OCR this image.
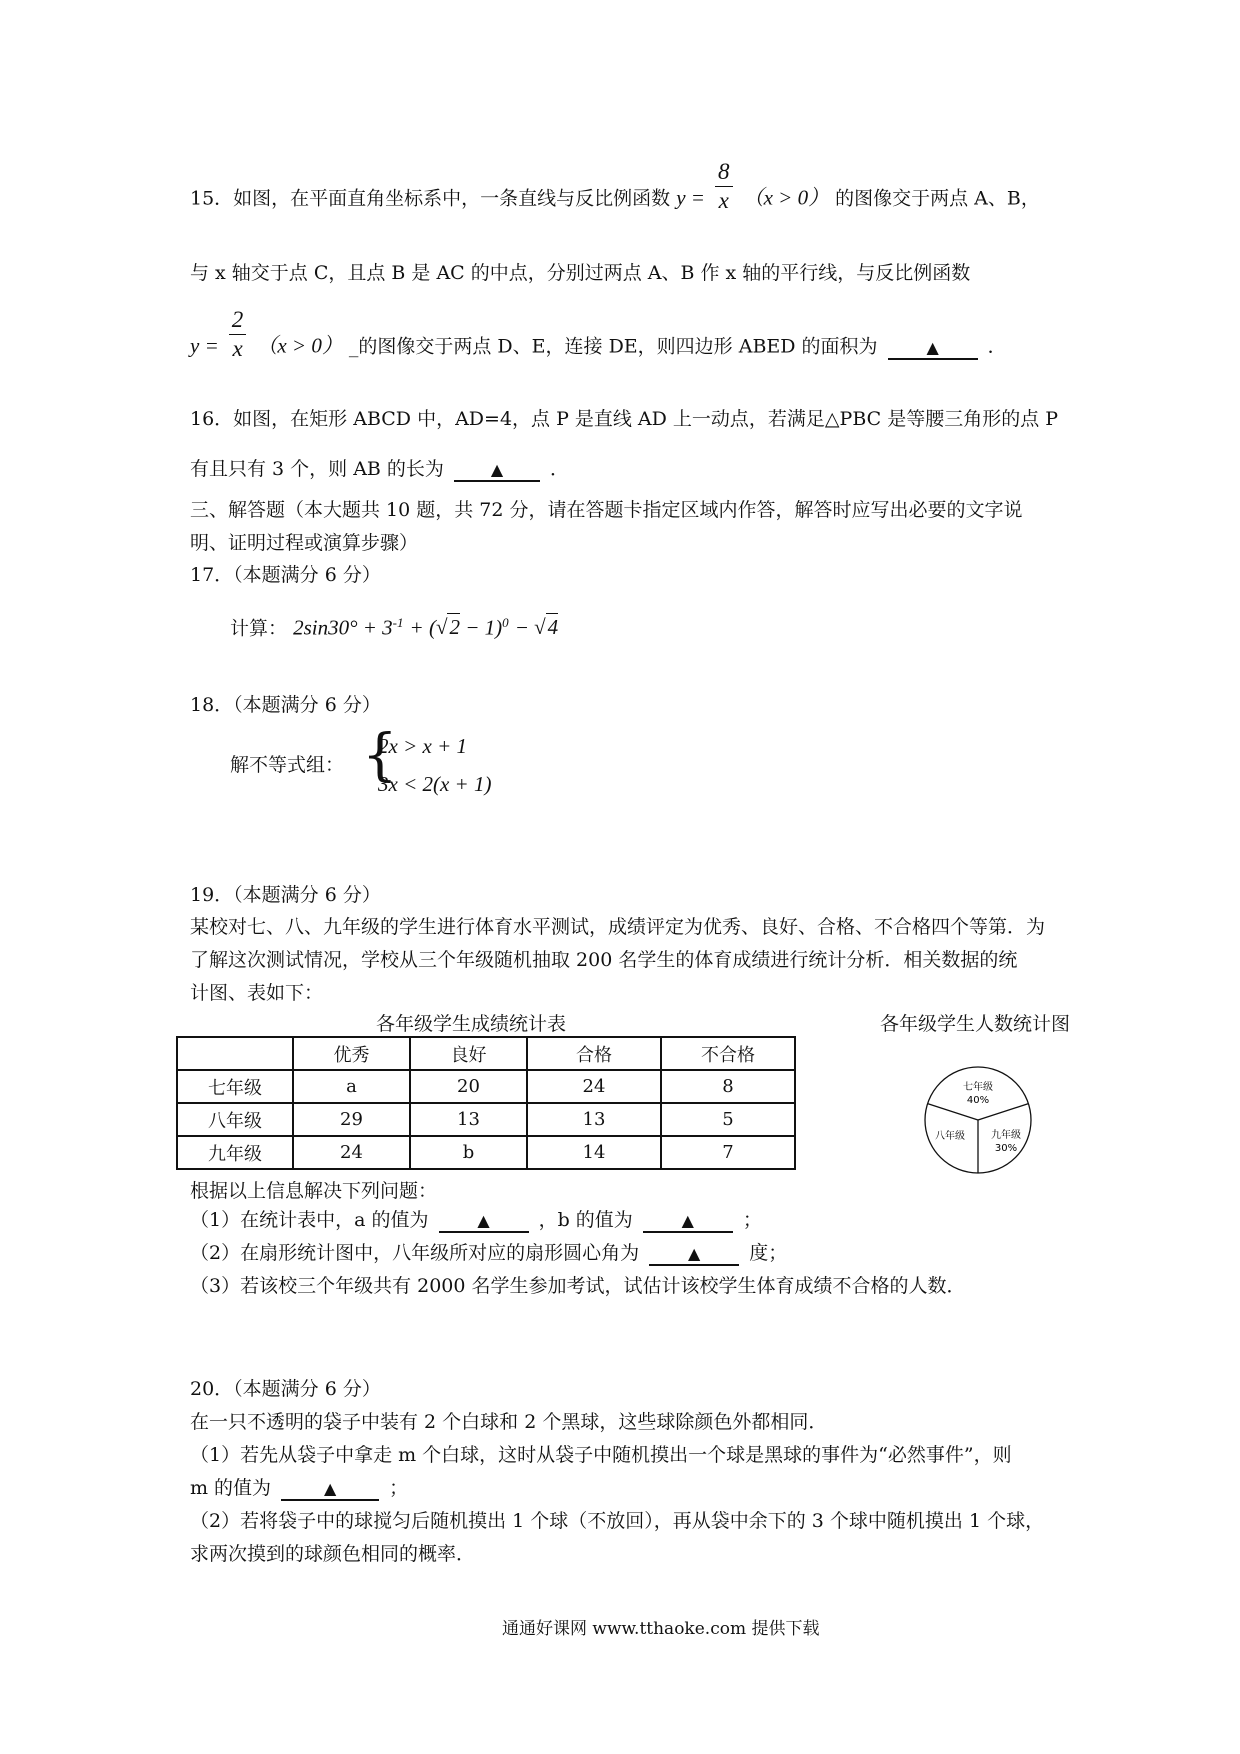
15．如图，在平面直角坐标系中，一条直线与反比例函数 $y = \frac{8}{x} (x > 0)$ 的图像交于两点 A、B，
与 x 轴交于点 C，且点 B 是 AC 的中点，分别过两点 A、B 作 x 轴的平行线，与反比例函数
$y = \frac{2}{x} (x > 0)$ _的图像交于两点 D、E，连接 DE，则四边形 ABED 的面积为	▲	．
16．如图，在矩形 ABCD 中，AD=4，点 P 是直线 AD 上一动点，若满足△PBC 是等腰三角形的点 P
有且只有 3 个，则 AB 的长为	▲ ．
三、解答题（本大题共 10 题，共 72 分，请在答题卡指定区域内作答，解答时应写出必要的文字说
明、证明过程或演算步骤）
17．（本题满分 6 分）
计算： $2\sin 30^\circ + 3^{-1} + (√2 - 1)^0 - √4$
18．（本题满分 6 分）
解不等式组： {
2x > x + 1
3x < 2(x + 1)
19．（本题满分 6 分）
某校对七、八、九年级的学生进行体育水平测试，成绩评定为优秀、良好、合格、不合格四个等第．为
了解这次测试情况，学校从三个年级随机抽取 200 名学生的体育成绩进行统计分析．相关数据的统
计图、表如下：
各年级学生成绩统计表
	优秀	良好	合格	不合格
七年级	a	20	24	8
八年级	29	13	13	5
九年级	24	b	14	7
各年级学生人数统计图
七年级
40%
八年级	九年级
30%
根据以上信息解决下列问题：
（1）在统计表中，a 的值为	▲	，b 的值为	▲	；
（2）在扇形统计图中，八年级所对应的扇形圆心角为	▲	度；
（3）若该校三个年级共有 2000 名学生参加考试，试估计该校学生体育成绩不合格的人数．
20．（本题满分 6 分）
在一只不透明的袋子中装有 2 个白球和 2 个黑球，这些球除颜色外都相同．
（1）若先从袋子中拿走 m 个白球，这时从袋子中随机摸出一个球是黑球的事件为“必然事件”，则
m 的值为	▲	；
（2）若将袋子中的球搅匀后随机摸出 1 个球（不放回），再从袋中余下的 3 个球中随机摸出 1 个球，
求两次摸到的球颜色相同的概率．
通通好课网 www.tthaoke.com 提供下载
